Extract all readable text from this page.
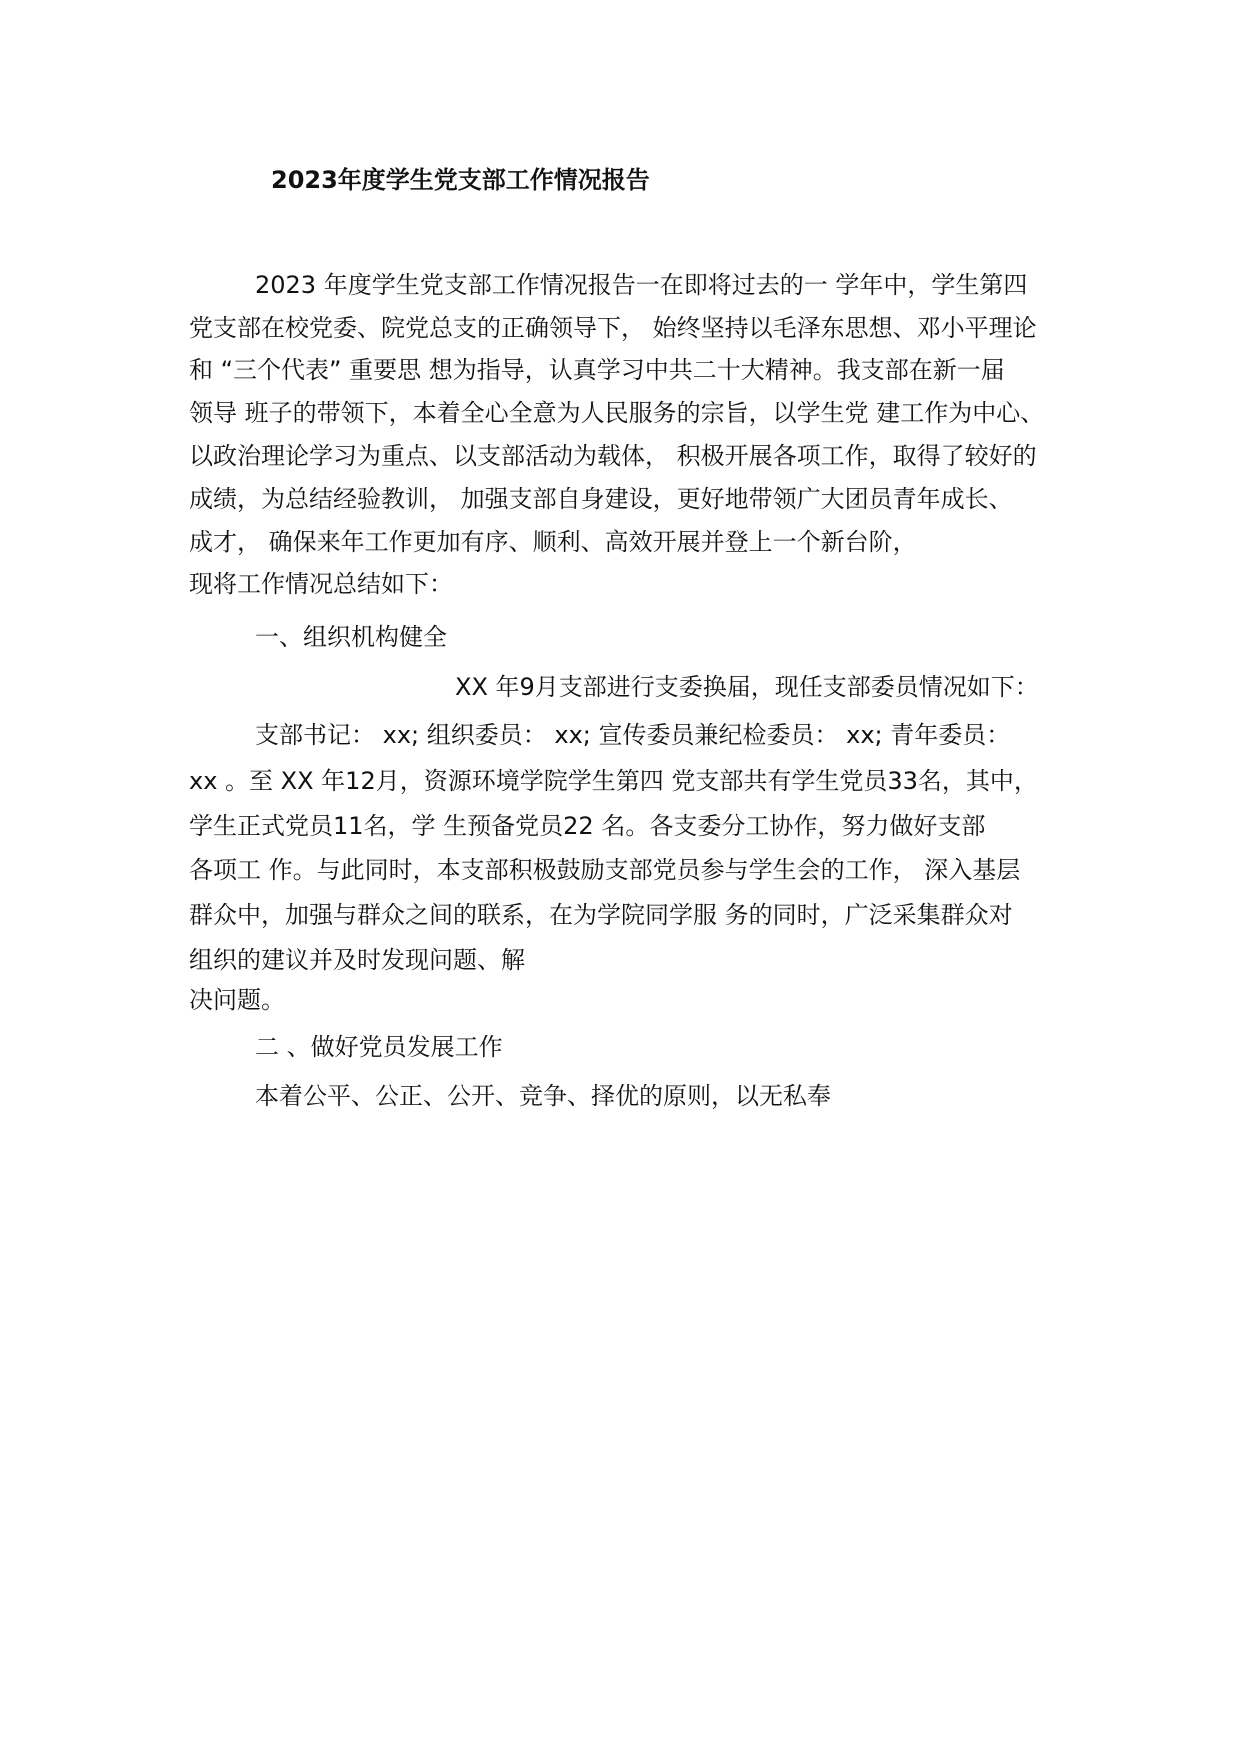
2023年度学生党支部工作情况报告
2023 年度学生党支部工作情况报告一在即将过去的一 学年中，学生第四
党支部在校党委、院党总支的正确领导下， 始终坚持以毛泽东思想、邓小平理论
和 “三个代表” 重要思 想为指导，认真学习中共二十大精神。我支部在新一届
领导 班子的带领下，本着全心全意为人民服务的宗旨，以学生党 建工作为中心、
以政治理论学习为重点、以支部活动为载体， 积极开展各项工作，取得了较好的
成绩，为总结经验教训， 加强支部自身建设，更好地带领广大团员青年成长、
成才， 确保来年工作更加有序、顺利、高效开展并登上一个新台阶，
现将工作情况总结如下：
一、组织机构健全
XX 年9月支部进行支委换届，现任支部委员情况如下：
支部书记： xx; 组织委员： xx; 宣传委员兼纪检委员： xx; 青年委员：
xx 。至 XX 年12月，资源环境学院学生第四 党支部共有学生党员33名，其中，
学生正式党员11名，学 生预备党员22 名。各支委分工协作，努力做好支部
各项工 作。与此同时，本支部积极鼓励支部党员参与学生会的工作， 深入基层
群众中，加强与群众之间的联系，在为学院同学服 务的同时，广泛采集群众对
组织的建议并及时发现问题、解
决问题。
二 、做好党员发展工作
本着公平、公正、公开、竞争、择优的原则，以无私奉
